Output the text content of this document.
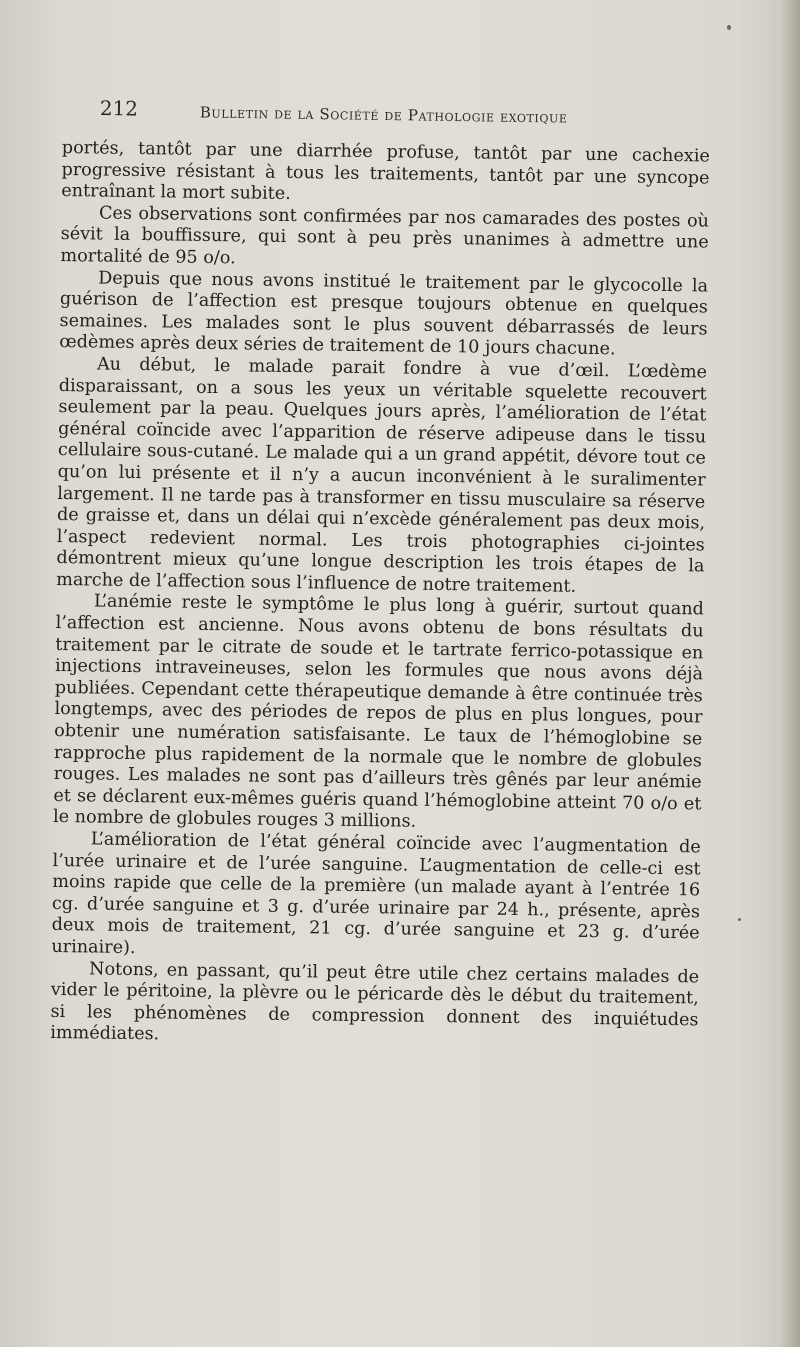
212	Bulletin de la Société de Pathologie exotique

portés, tantôt par une diarrhée profuse, tantôt par une cachexie progressive résistant à tous les traitements, tantôt par une syncope entraînant la mort subite.

Ces observations sont confirmées par nos camarades des postes où sévit la bouffissure, qui sont à peu près unanimes à admettre une mortalité de 95 o/o.

Depuis que nous avons institué le traitement par le glycocolle la guérison de l’affection est presque toujours obtenue en quelques semaines. Les malades sont le plus souvent débarrassés de leurs œdèmes après deux séries de traitement de 10 jours chacune.

Au début, le malade parait fondre à vue d’œil. L’œdème disparaissant, on a sous les yeux un véritable squelette recouvert seulement par la peau. Quelques jours après, l’amélioration de l’état général coïncide avec l’apparition de réserve adipeuse dans le tissu cellulaire sous-cutané. Le malade qui a un grand appétit, dévore tout ce qu’on lui présente et il n’y a aucun inconvénient à le suralimenter largement. Il ne tarde pas à transformer en tissu musculaire sa réserve de graisse et, dans un délai qui n’excède généralement pas deux mois, l’aspect redevient normal. Les trois photographies ci-jointes démontrent mieux qu’une longue description les trois étapes de la marche de l’affection sous l’influence de notre traitement.

L’anémie reste le symptôme le plus long à guérir, surtout quand l’affection est ancienne. Nous avons obtenu de bons résultats du traitement par le citrate de soude et le tartrate ferrico-potassique en injections intraveineuses, selon les formules que nous avons déjà publiées. Cependant cette thérapeutique demande à être continuée très longtemps, avec des périodes de repos de plus en plus longues, pour obtenir une numération satisfaisante. Le taux de l’hémoglobine se rapproche plus rapidement de la normale que le nombre de globules rouges. Les malades ne sont pas d’ailleurs très gênés par leur anémie et se déclarent eux-mêmes guéris quand l’hémoglobine atteint 70 o/o et le nombre de globules rouges 3 millions.

L’amélioration de l’état général coïncide avec l’augmentation de l’urée urinaire et de l’urée sanguine. L’augmentation de celle-ci est moins rapide que celle de la première (un malade ayant à l’entrée 16 cg. d’urée sanguine et 3 g. d’urée urinaire par 24 h., présente, après deux mois de traitement, 21 cg. d’urée sanguine et 23 g. d’urée urinaire).

Notons, en passant, qu’il peut être utile chez certains malades de vider le péritoine, la plèvre ou le péricarde dès le début du traitement, si les phénomènes de compression donnent des inquiétudes immédiates.
